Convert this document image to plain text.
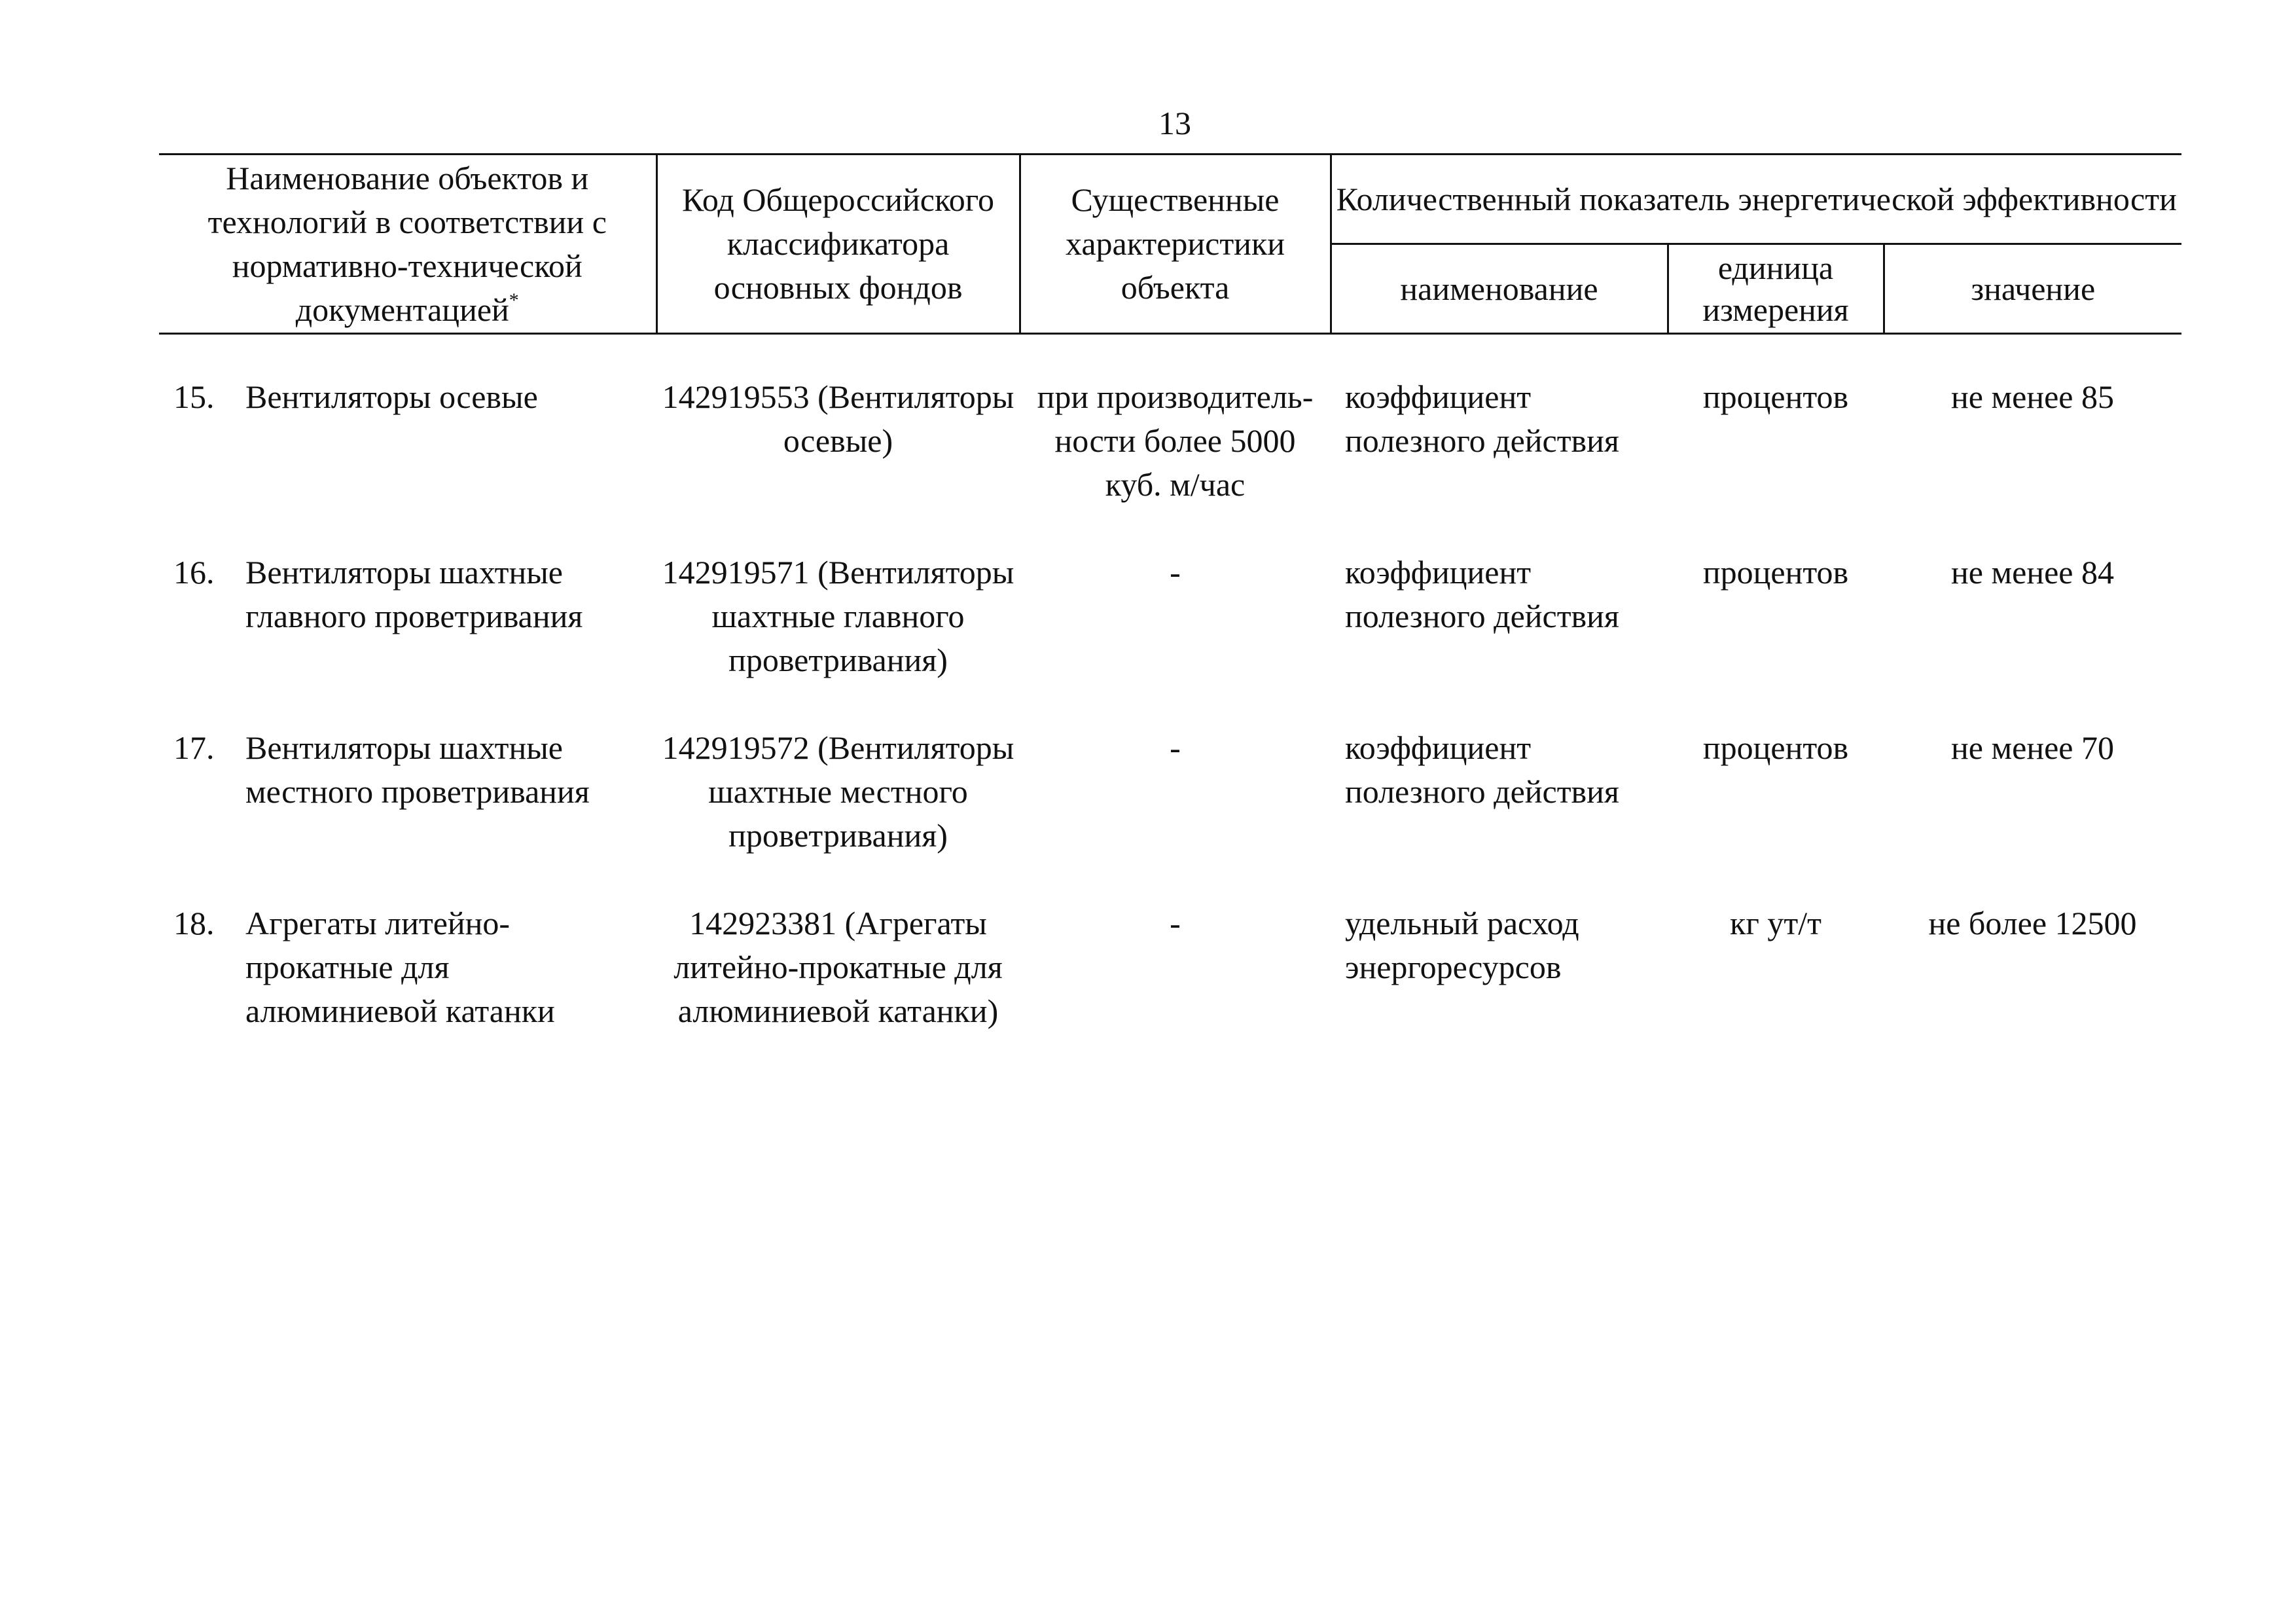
13
Наименование объектов и технологий в соответствии с нормативно-технической документацией*	Код Общероссийского классификатора основных фондов	Существенные характеристики объекта	Количественный показатель энергетической эффективности		
			наименование	единица измерения	значение

15. Вентиляторы осевые	142919553 (Вентиляторы осевые)	при производитель-ности более 5000 куб. м/час	коэффициент полезного действия	процентов	не менее 85

16. Вентиляторы шахтные главного проветривания	142919571 (Вентиляторы шахтные главного проветривания)	-	коэффициент полезного действия	процентов	не менее 84

17. Вентиляторы шахтные местного проветривания	142919572 (Вентиляторы шахтные местного проветривания)	-	коэффициент полезного действия	процентов	не менее 70

18. Агрегаты литейно-прокатные для алюминиевой катанки	142923381 (Агрегаты литейно-прокатные для алюминиевой катанки)	-	удельный расход энергоресурсов	кг ут/т	не более 12500
